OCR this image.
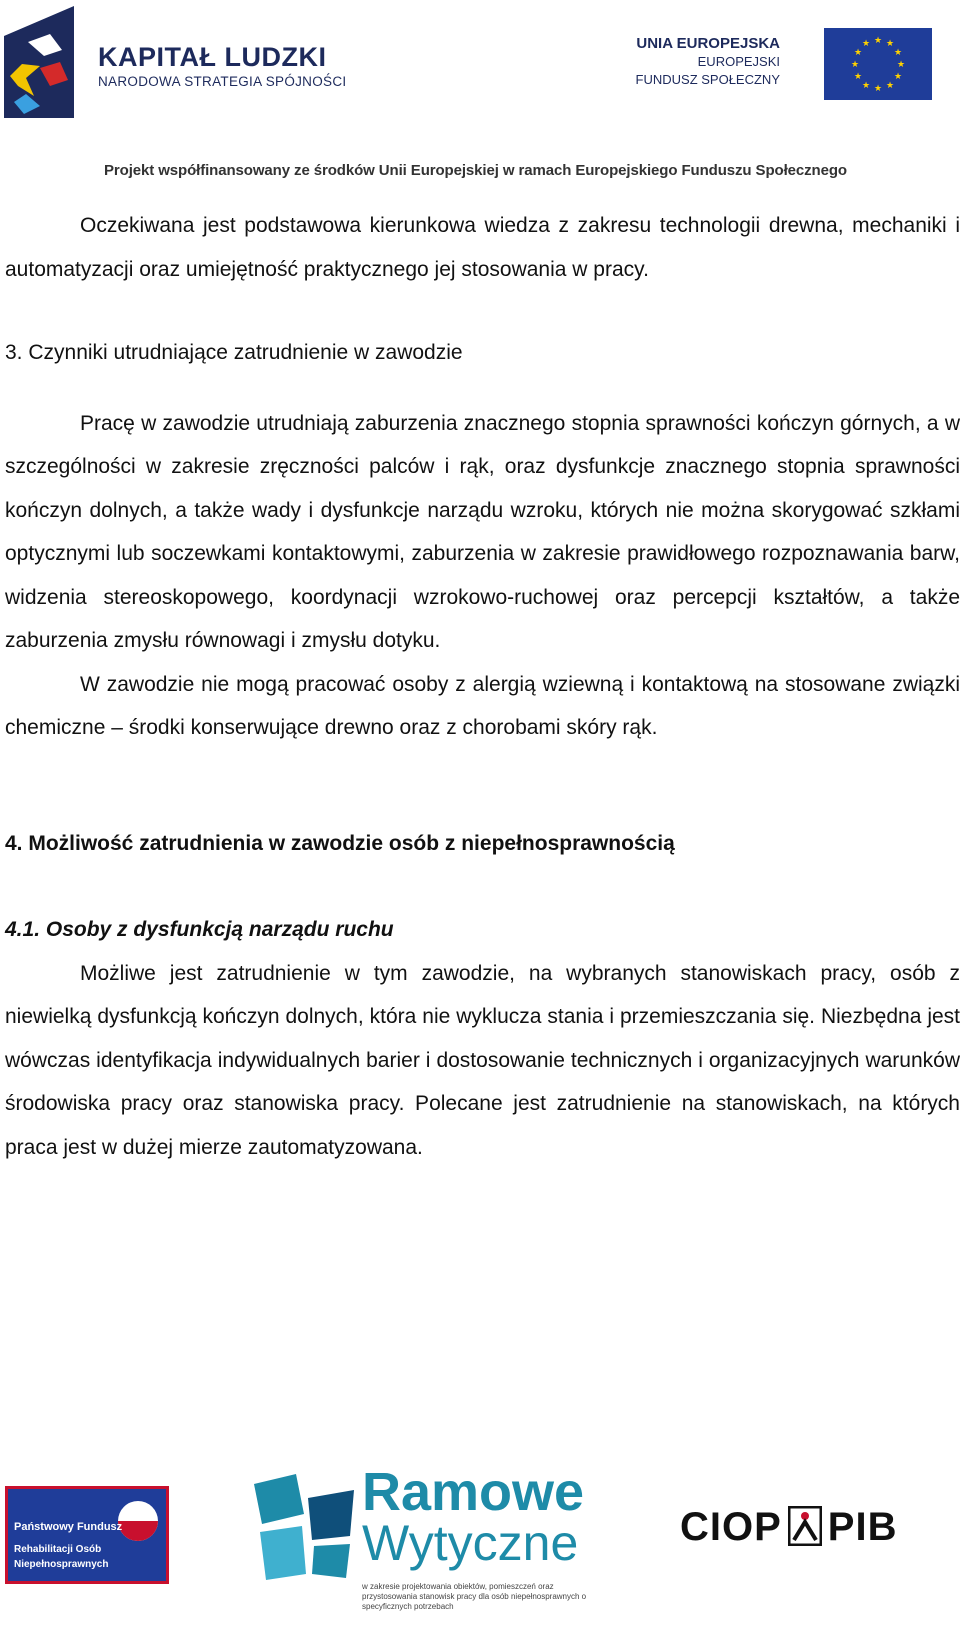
KAPITAŁ LUDZKI
NARODOWA STRATEGIA SPÓJNOŚCI
UNIA EUROPEJSKA
EUROPEJSKI
FUNDUSZ SPOŁECZNY
★ ★
★
★
★
★
★
★
★
★
★
★
Projekt współfinansowany ze środków Unii Europejskiej w ramach Europejskiego Funduszu Społecznego

Oczekiwana jest podstawowa kierunkowa wiedza z zakresu technologii drewna, mechaniki i automatyzacji oraz umiejętność praktycznego jej stosowania w pracy.

3. Czynniki utrudniające zatrudnienie w zawodzie

Pracę w zawodzie utrudniają zaburzenia znacznego stopnia sprawności kończyn górnych, a w szczególności w zakresie zręczności palców i rąk, oraz dysfunkcje znacznego stopnia sprawności kończyn dolnych, a także wady i dysfunkcje narządu wzroku, których nie można skorygować szkłami optycznymi lub soczewkami kontaktowymi, zaburzenia w zakresie prawidłowego rozpoznawania barw, widzenia stereoskopowego, koordynacji wzrokowo-ruchowej oraz percepcji kształtów, a także zaburzenia zmysłu równowagi i zmysłu dotyku.

W zawodzie nie mogą pracować osoby z alergią wziewną i kontaktową na stosowane związki chemiczne – środki konserwujące drewno oraz z chorobami skóry rąk.

4. Możliwość zatrudnienia w zawodzie osób z niepełnosprawnością

4.1. Osoby z dysfunkcją narządu ruchu

Możliwe jest zatrudnienie w tym zawodzie, na wybranych stanowiskach pracy, osób z niewielką dysfunkcją kończyn dolnych, która nie wyklucza stania i przemieszczania się. Niezbędna jest wówczas identyfikacja indywidualnych barier i dostosowanie technicznych i organizacyjnych warunków środowiska pracy oraz stanowiska pracy. Polecane jest zatrudnienie na stanowiskach, na których praca jest w dużej mierze zautomatyzowana.

Państwowy Fundusz
Rehabilitacji Osób
Niepełnosprawnych
Ramowe
Wytyczne
w zakresie projektowania obiektów, pomieszczeń oraz przystosowania stanowisk pracy dla osób niepełnosprawnych o specyficznych potrzebach
CIOP PIB
